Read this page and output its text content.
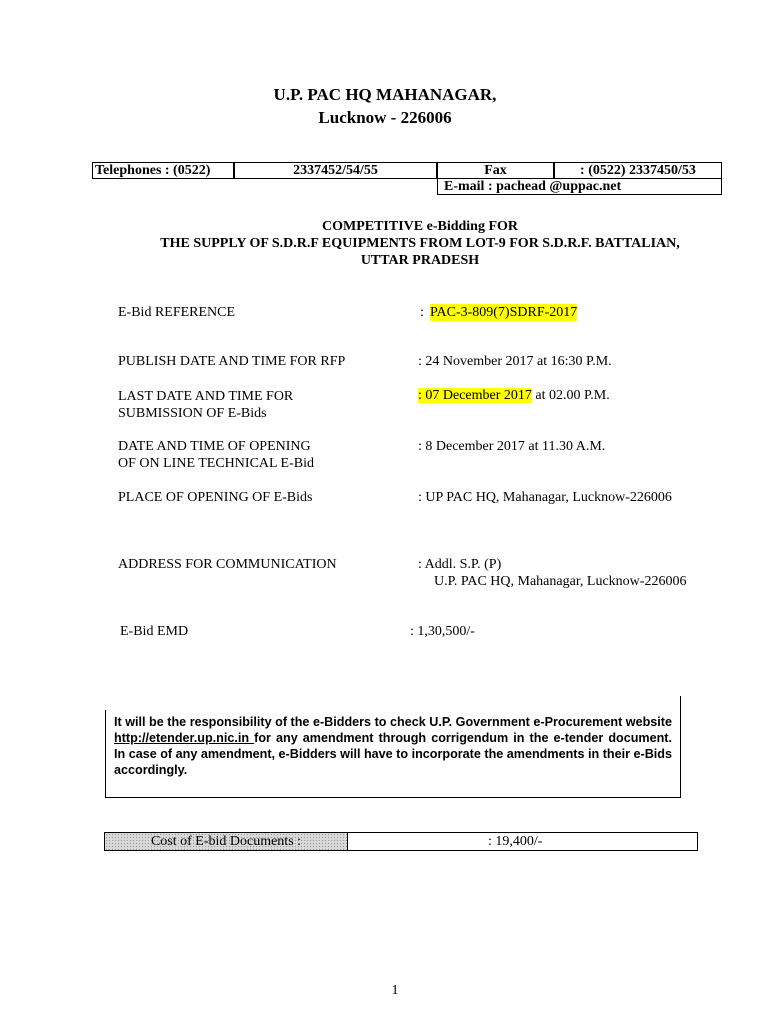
U.P. PAC HQ MAHANAGAR,
Lucknow - 226006
Telephones : (0522)	2337452/54/55	Fax	: (0522) 2337450/53
E-mail : pachead @uppac.net
COMPETITIVE e-Bidding FOR
THE SUPPLY OF S.D.R.F EQUIPMENTS FROM LOT-9 FOR S.D.R.F. BATTALIAN,
UTTAR PRADESH
E-Bid REFERENCE	: PAC-3-809(7)SDRF-2017
PUBLISH DATE AND TIME FOR RFP	: 24 November 2017 at 16:30 P.M.
LAST DATE AND TIME FOR
SUBMISSION OF E-Bids
: 07 December 2017 at 02.00 P.M.
DATE AND TIME OF OPENING
OF ON LINE TECHNICAL E-Bid
: 8 December 2017 at 11.30 A.M.
PLACE OF OPENING OF E-Bids	: UP PAC HQ, Mahanagar, Lucknow-226006
ADDRESS FOR COMMUNICATION	: Addl. S.P. (P)
U.P. PAC HQ, Mahanagar, Lucknow-226006
E-Bid EMD	: 1,30,500/-
It will be the responsibility of the e-Bidders to check U.P. Government e-Procurement website http://etender.up.nic.in for any amendment through corrigendum in the e-tender document. In case of any amendment, e-Bidders will have to incorporate the amendments in their e-Bids accordingly.
Cost of E-bid Documents :	: 19,400/-
1
